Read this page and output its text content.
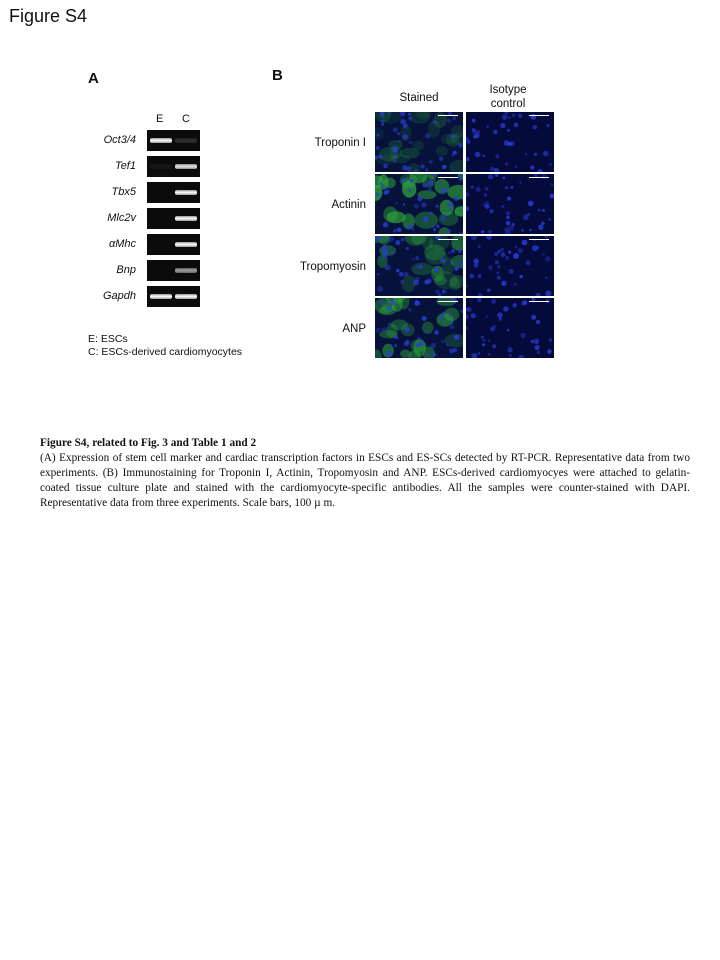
Figure S4
A
E C
Oct3/4
Tef1
Tbx5
Mlc2v
αMhc
Bnp
Gapdh
E: ESCs
C: ESCs-derived cardiomyocytes
B
Stained
Isotype control
Troponin I
Actinin
Tropomyosin
ANP
Figure S4, related to Fig. 3 and Table 1 and 2
(A) Expression of stem cell marker and cardiac transcription factors in ESCs and ES-SCs detected by RT-PCR. Representative data from two experiments. (B) Immunostaining for Troponin I, Actinin, Tropomyosin and ANP. ESCs-derived cardiomyocyes were attached to gelatin-coated tissue culture plate and stained with the cardiomyocyte-specific antibodies. All the samples were counter-stained with DAPI. Representative data from three experiments. Scale bars, 100 µ m.
